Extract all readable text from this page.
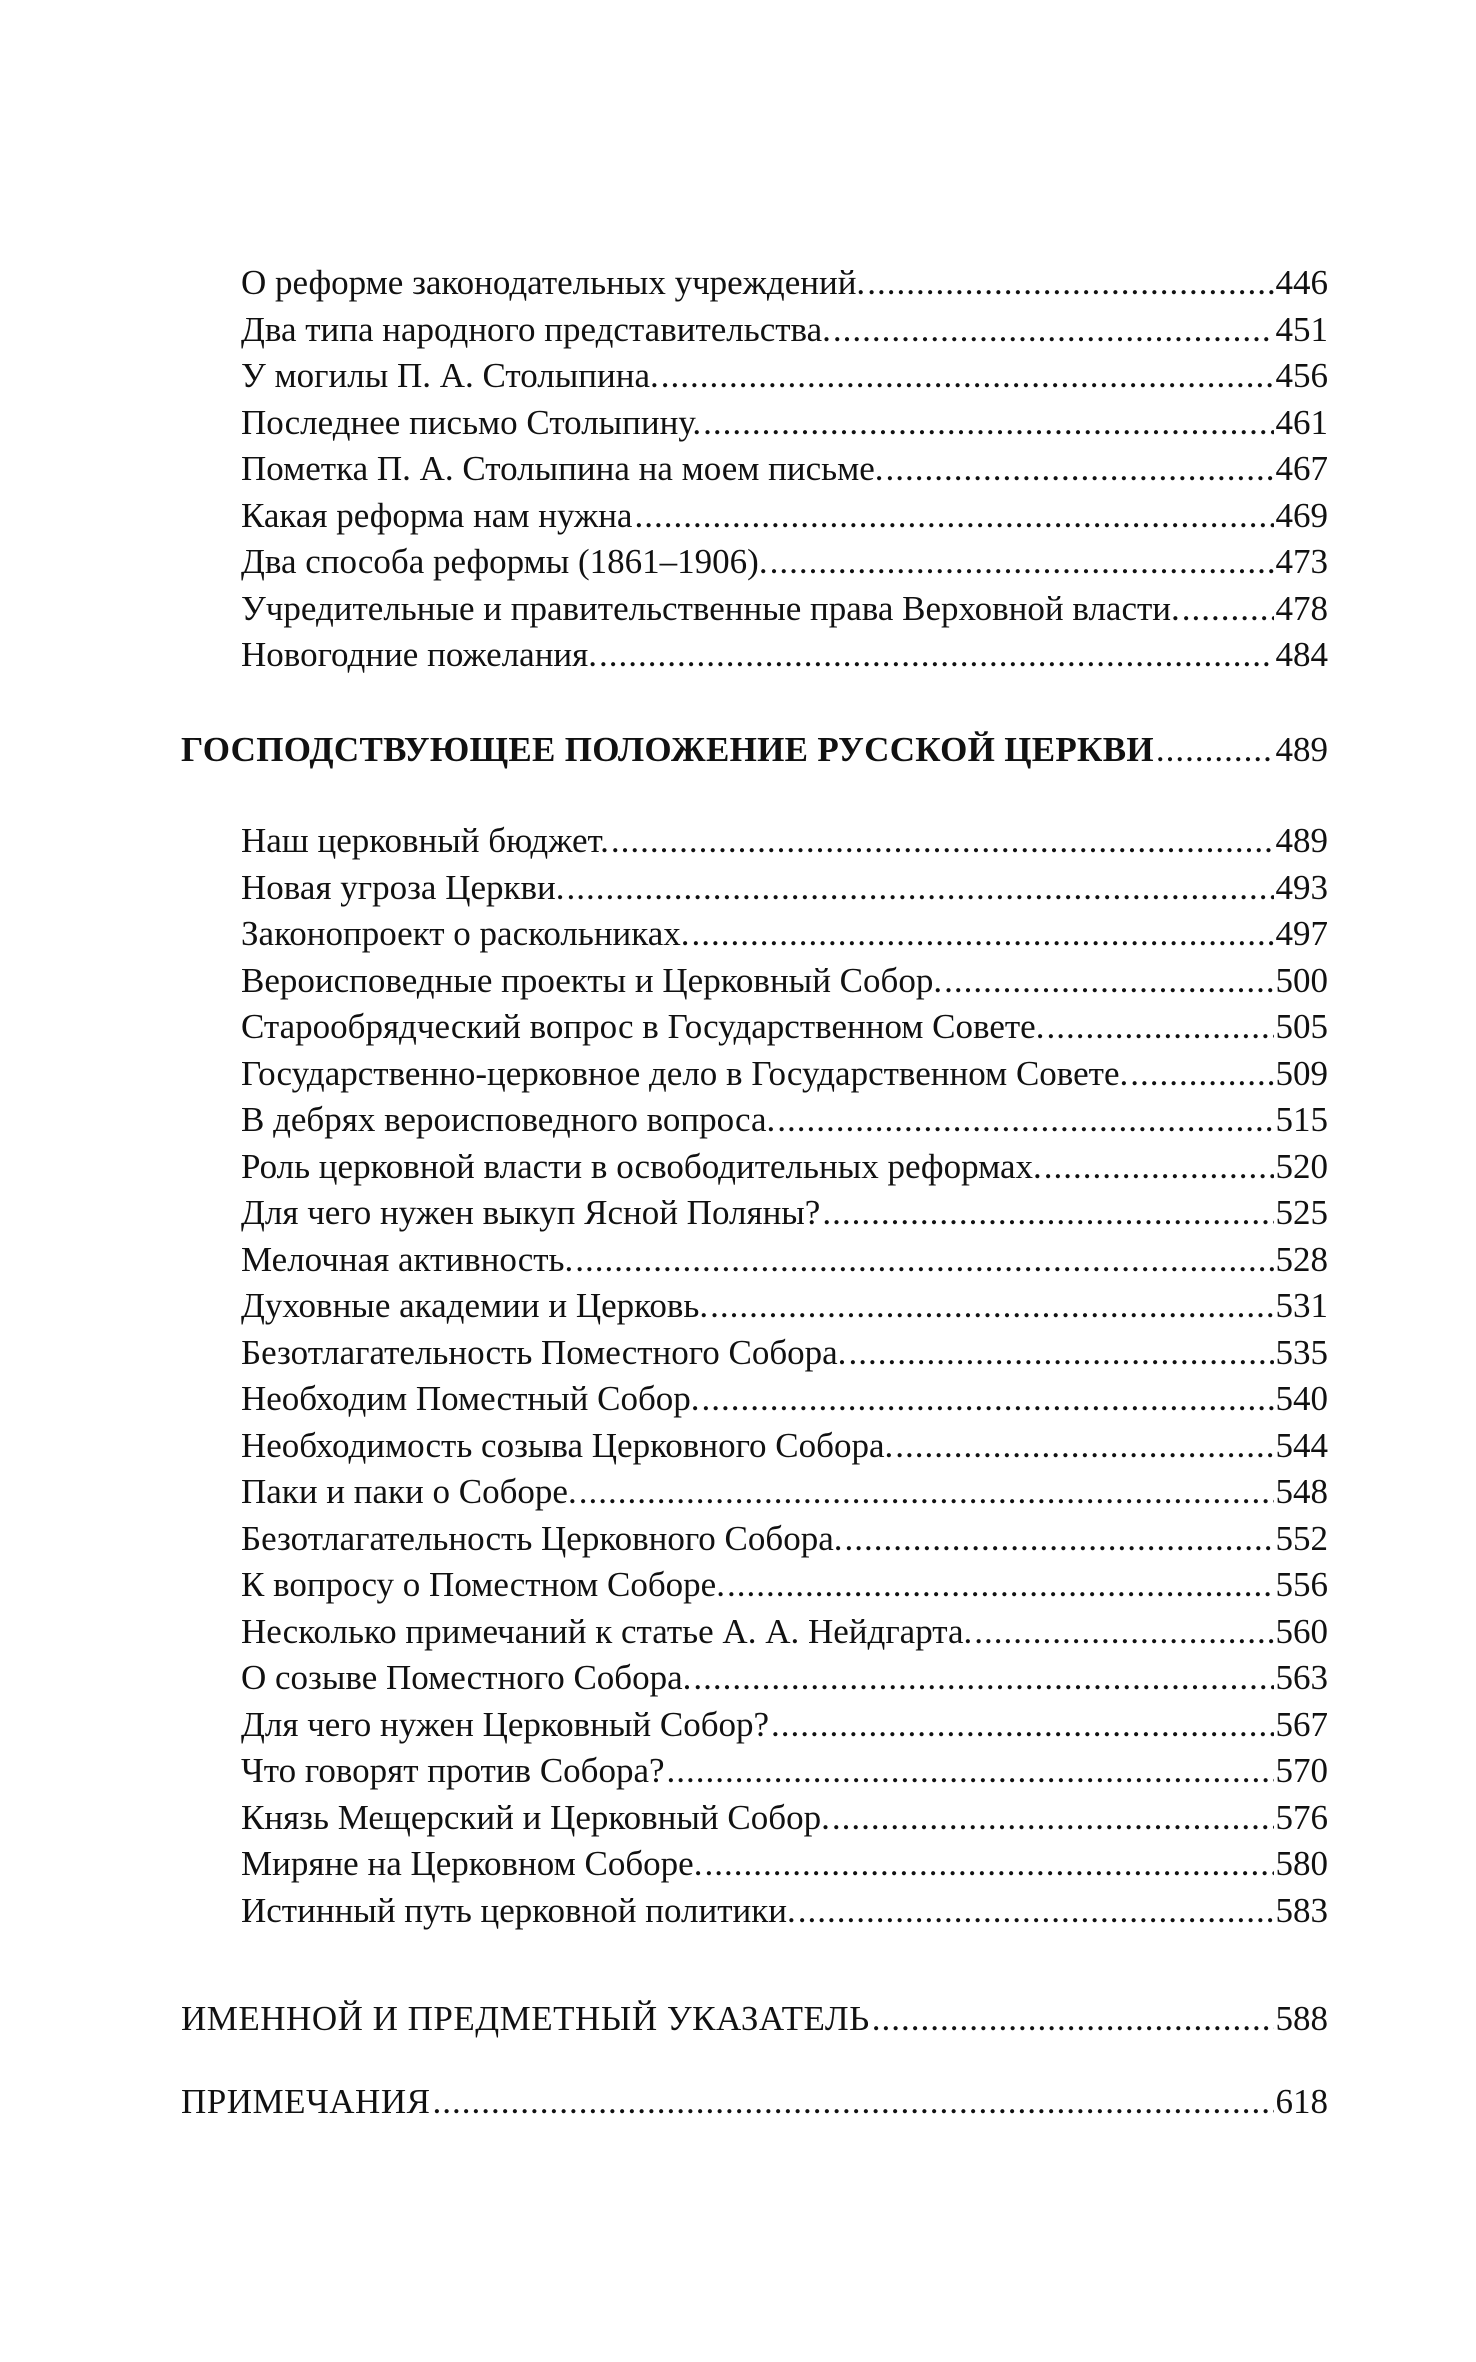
О реформе законодательных учреждений. .....	446
Два типа народного представительства. .....	451
У могилы П. А. Столыпина. .....	456
Последнее письмо Столыпину. .....	461
Пометка П. А. Столыпина на моем письме. .....	467
Какая реформа нам нужна .....	469
Два способа реформы (1861–1906). .....	473
Учредительные и правительственные права Верховной власти. .....	478
Новогодние пожелания. .....	484
ГОСПОДСТВУЮЩЕЕ ПОЛОЖЕНИЕ РУССКОЙ ЦЕРКВИ .....	489
Наш церковный бюджет. .....	489
Новая угроза Церкви. .....	493
Законопроект о раскольниках. .....	497
Вероисповедные проекты и Церковный Собор. .....	500
Старообрядческий вопрос в Государственном Совете. .....	505
Государственно-церковное дело в Государственном Совете. .....	509
В дебрях вероисповедного вопроса. .....	515
Роль церковной власти в освободительных реформах. .....	520
Для чего нужен выкуп Ясной Поляны? .....	525
Мелочная активность. .....	528
Духовные академии и Церковь. .....	531
Безотлагательность Поместного Собора. .....	535
Необходим Поместный Собор. .....	540
Необходимость созыва Церковного Собора. .....	544
Паки и паки о Соборе. .....	548
Безотлагательность Церковного Собора. .....	552
К вопросу о Поместном Соборе. .....	556
Несколько примечаний к статье А. А. Нейдгарта. .....	560
О созыве Поместного Собора. .....	563
Для чего нужен Церковный Собор? .....	567
Что говорят против Собора? .....	570
Князь Мещерский и Церковный Собор. .....	576
Миряне на Церковном Соборе. .....	580
Истинный путь церковной политики. .....	583
ИМЕННОЙ И ПРЕДМЕТНЫЙ УКАЗАТЕЛЬ .....	588
ПРИМЕЧАНИЯ .....	618
